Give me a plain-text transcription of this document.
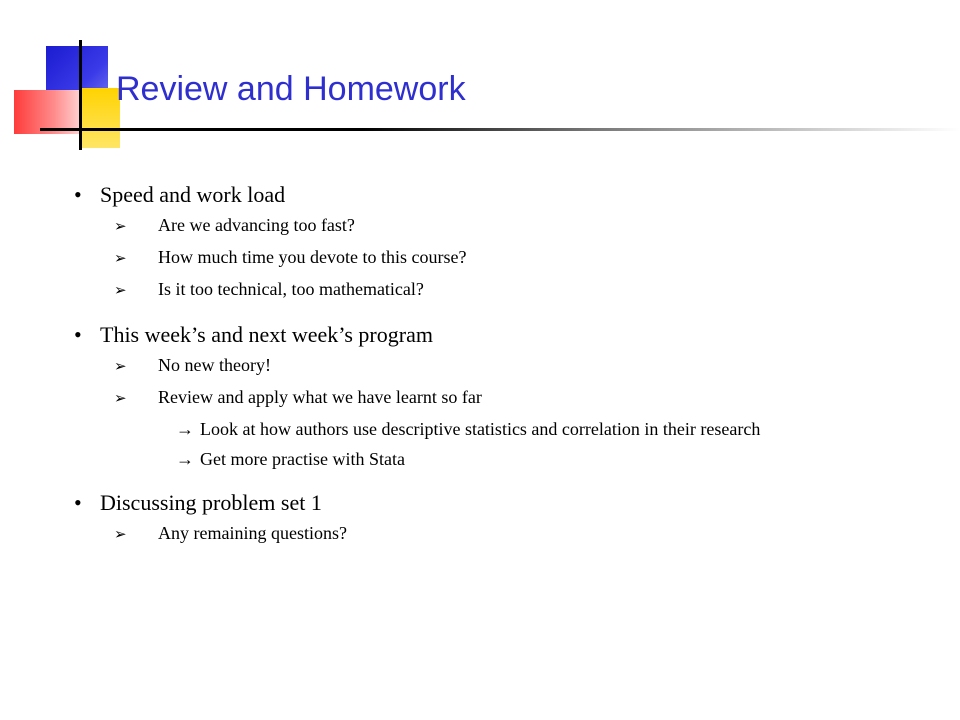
Review and Homework
• Speed and work load
➢ Are we advancing too fast?
➢ How much time you devote to this course?
➢ Is it too technical, too mathematical?
• This week’s and next week’s program
➢ No new theory!
➢ Review and apply what we have learnt so far
→ Look at how authors use descriptive statistics and correlation in their research
→ Get more practise with Stata
• Discussing problem set 1
➢ Any remaining questions?
